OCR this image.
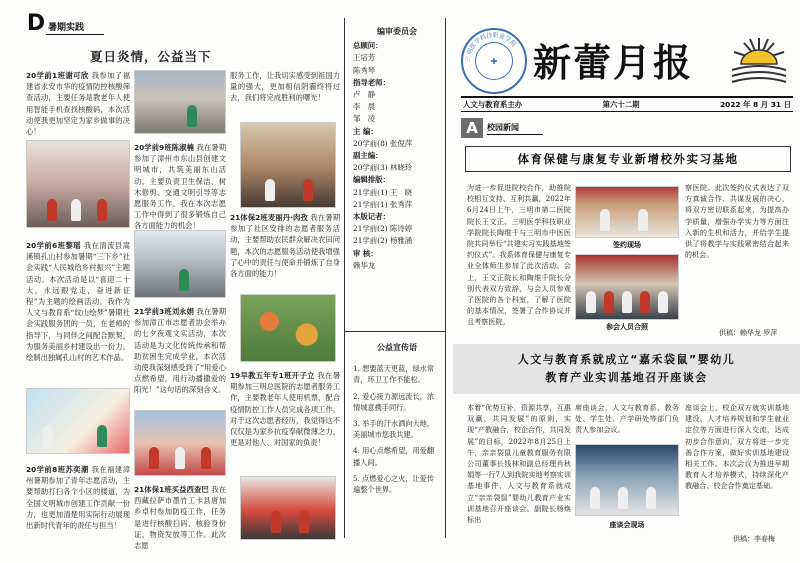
D 暑期实践
夏日炎情，公益当下
20学前1班谢可欣 我参加了福建省永安市华的疫情防控核酸筛查活动，主要任务是教老年人使用智能手机查找核酸码，本次活动使我更加坚定为家乡做事的决心！
20学前6班黎瑶 我在清流县嵩溪镇孔山村参加暑期“三下乡”社会实践“人民城给乡村振兴”主题活动。本次活动是以“喜迎二十大，永远跟党走，奋进新征程”为主题的绘画活动。我作为人文与教育系“纹山绘梦”暑期社会实践服务团的一员，在老师的指导下，与同伴之间配合默契，为服务美丽乡村建设出一份力，绘制出独属孔山村的艺术作品。
20学前8班苏奕潮 我在福建漳州暑期参加了青年志愿活动，主要帮助打扫各个小区的楼道，为全国文明城市创建工作贡献一份力，也更加清楚用实际行动展现出新时代青年的责任与担当！
20学前9班陈淑楠 我在暑期参加了漳州市东山县创建文明城市，共筑美丽东山活动。主要负责卫生保洁、树木修剪、交通文明引导等志愿服务工作。我在本次志愿工作中得到了很多锻炼自己各方面能力的机会！
21学前3班刘永娟 我在暑期参加漳江市志愿者协会举办的七夕夜观文实活动，本次活动是为文化传统传承和帮助贫困生完成学业，本次活动使我深刻感受到了“用爱心点燃希望，用行动播撒爱的阳光！”这句话的深刻含义。
21体保1班买益西查巴 我在西藏拉萨市墨竹工卡县唐加乡卓村参加防疫工作，任务是进行核酸扫码、核验身份证、物资发放等工作。此次志愿
服务工作，让我切实感受到祖国力量的强大，更加相信阴霾终将过去，我们将完成胜利的曙光！
21体保2班麦丽丹·肉孜 我在暑期参加了社区安排的志愿者服务活动，主要帮助农民群众解决农田问题，本次的志愿服务活动使我增强了心中的责任与使命并锻炼了自身各方面的能力！
19早教五年专1班开子立 我在暑期参加三明总医院的志愿者服务工作，主要教老年人使用机票，配合疫情防控工作人员完成各项工作。对于这次志愿者经历，我觉得这不仅仅是为家乡抗疫奉献微薄之力，更是对他人、对国家的负责！
编审委员会
总顾问：
王培芳
陈秀琴
指导老师：
卢　静
李　晨
邹　凌
主 编：
20学前(8) 张倪萍
副主编：
20学前(3) 林晓玲
编辑排版：
21学前(1) 王　晓
21学前(1) 张秀萍
本版记者：
21学前(2) 陈诗婷
21学前(2) 杨雅涵
审 核：
赖华龙
公益宣传语

1. 想要蓝天更蓝，绿水常青，环卫工作不能松。

2. 爱心接力源远流长，浓情城意携手同行。

3. 举手的汗水洒向大地，美丽城市您我共建。

4. 用心点燃希望，用爱翻播人间。

5. 点燃爱心之火，让爱传遍整个世界。

三明医学科技职业学院
✚ 新蕾月报
人文与教育系主办	第六十二期	2022 年 8 月 31 日
A	校园新闻
体育保健与康复专业新增校外实习基地
为进一步促进院校合作，助推院校相互支持、互利共赢，2022年6月24日上午，三明市第二医院院长王文正、三明医学科技职业学院院长陶维千与三明市中医医院共同举行“共建实习实践基地签约仪式”。我系体育保健与康复专业全体师生参加了此次活动。会上，王文正院长和陶维千院长分别代表双方致辞，与会人员参观了医院的各个科室，了解了医院的基本情况，签署了合作协议并且考察医院。
签约现场
参会人员合照
察医院。此次签约仪式表达了双方真诚合作、共谋发展的决心，将双方密切联系起来，为提高办学质量，增强办学实力等方面注入新的生机和活力，并给学生提供了将教学与实践紧密结合起来的机会。
供稿：赖华龙 罗萍
人文与教育系就成立“嘉禾袋鼠”婴幼儿
教育产业实训基地召开座谈会
本着“优势互补，资源共享，互惠双赢，共同发展”的原则，实现“产教融合，校企合作，共同发展”的目标，2022年8月25日上午，亲亲袋鼠儿童教育服务有限公司董事长钱林和副总经理肖秋娟等一行7人到我院实地考察实训基地事件，人文与教育系就成立“亲亲袋鼠”婴幼儿教育产业实训基地召开座谈会。副院长杨焕标出
席座谈会，人文与教育系、教务处、学生处、产学研处等部门负责人参加会议。
座谈会现场
座谈会上，校企双方就实训基地建设、人才培养规划和学生就业定位等方面进行深入交流，达成初步合作意向，双方将进一步完善合作方案，做好实训基地建设相关工作。本次会议为推进早期教育人才培养模式，持续深化产教融合、校企合作奠定基础。
供稿：李春梅
